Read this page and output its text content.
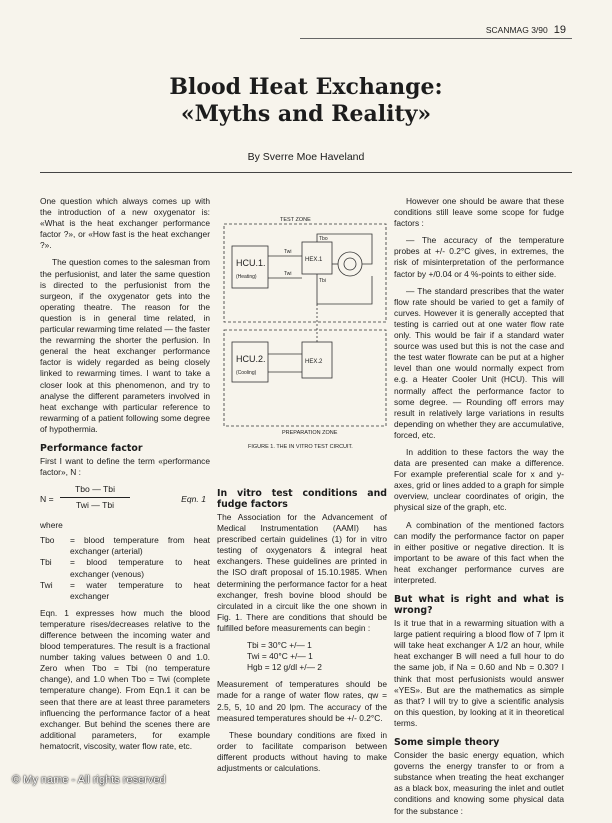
SCANMAG 3/90 19
Blood Heat Exchange:
«Myths and Reality»
By Sverre Moe Haveland

One question which always comes up with the introduction of a new oxygenator is: «What is the heat exchanger performance factor ?», or «How fast is the heat exchanger ?».

The question comes to the salesman from the perfusionist, and later the same question is directed to the perfusionist from the surgeon, if the oxygenator gets into the operating theatre. The reason for the question is in general time related, in particular rewarming time related — the faster the rewarming the shorter the perfusion. In general the heat exchanger performance factor is widely regarded as being closely linked to rewarming times. I want to take a closer look at this phenomenon, and try to analyse the different parameters involved in heat exchange with particular reference to rewarming of a patient following some degree of hypothermia.

Performance factor

First I want to define the term «performance factor», N :

N =
Tbo — Tbi
Twi — Tbi
Eqn. 1
where
Tbo	= blood temperature from heat exchanger (arterial)
Tbi	= blood temperature to heat exchanger (venous)
Twi	= water temperature to heat exchanger

Eqn. 1 expresses how much the blood temperature rises/decreases relative to the difference between the incoming water and blood temperatures. The result is a fractional number taking values between 0 and 1.0. Zero when Tbo = Tbi (no temperature change), and 1.0 when Tbo = Twi (complete temperature change). From Eqn.1 it can be seen that there are at least three parameters influencing the performance factor of a heat exchanger. But behind the scenes there are additional parameters, for example hematocrit, viscosity, water flow rate, etc.

TEST ZONE
PREPARATION ZONE
HCU.1.
(Heating)
HCU.2.
(Cooling)
HEX.1
HEX.2
Tbo
Twi
Twi
Tbi
FIGURE 1. THE IN VITRO TEST CIRCUIT.
In vitro test conditions and fudge factors

The Association for the Advancement of Medical Instrumentation (AAMI) has prescribed certain guidelines (1) for in vitro testing of oxygenators & integral heat exchangers. These guidelines are printed in the ISO draft proposal of 15.10.1985. When determining the performance factor for a heat exchanger, fresh bovine blood should be circulated in a circuit like the one shown in Fig. 1. There are conditions that should be fulfilled before measurements can begin :

Tbi = 30°C +/— 1
Twi = 40°C +/— 1
Hgb = 12 g/dl +/— 2

Measurement of temperatures should be made for a range of water flow rates, qw = 2.5, 5, 10 and 20 lpm. The accuracy of the measured temperatures should be +/- 0.2°C.

These boundary conditions are fixed in order to facilitate comparison between different products without having to make adjustments or calculations.

However one should be aware that these conditions still leave some scope for fudge factors :

— The accuracy of the temperature probes at +/- 0.2°C gives, in extremes, the risk of misinterpretation of the performance factor by +/0.04 or 4 %-points to either side.

— The standard prescribes that the water flow rate should be varied to get a family of curves. However it is generally accepted that testing is carried out at one water flow rate only. This would be fair if a standard water source was used but this is not the case and the test water flowrate can be put at a higher level than one would normally expect from e.g. a Heater Cooler Unit (HCU). This will normally affect the performance factor to some degree. — Rounding off errors may result in relatively large variations in results depending on whether they are accumulative, forced, etc.

In addition to these factors the way the data are presented can make a difference. For example preferential scale for x and y-axes, grid or lines added to a graph for simple overview, unclear coordinates of origin, the physical size of the graph, etc.

A combination of the mentioned factors can modify the performance factor on paper in either positive or negative direction. It is important to be aware of this fact when the heat exchanger performance curves are interpreted.

But what is right and what is wrong?

Is it true that in a rewarming situation with a large patient requiring a blood flow of 7 lpm it will take heat exchanger A 1/2 an hour, while heat exchanger B will need a full hour to do the same job, if Na = 0.60 and Nb = 0.30? I think that most perfusionists would answer «YES». But are the mathematics as simple as that? I will try to give a scientific analysis on this question, by looking at it in theoretical terms.

Some simple theory

Consider the basic energy equation, which governs the energy transfer to or from a substance when treating the heat exchanger as a black box, measuring the inlet and outlet conditions and knowing some physical data for the substance :

© My name - All rights reserved
